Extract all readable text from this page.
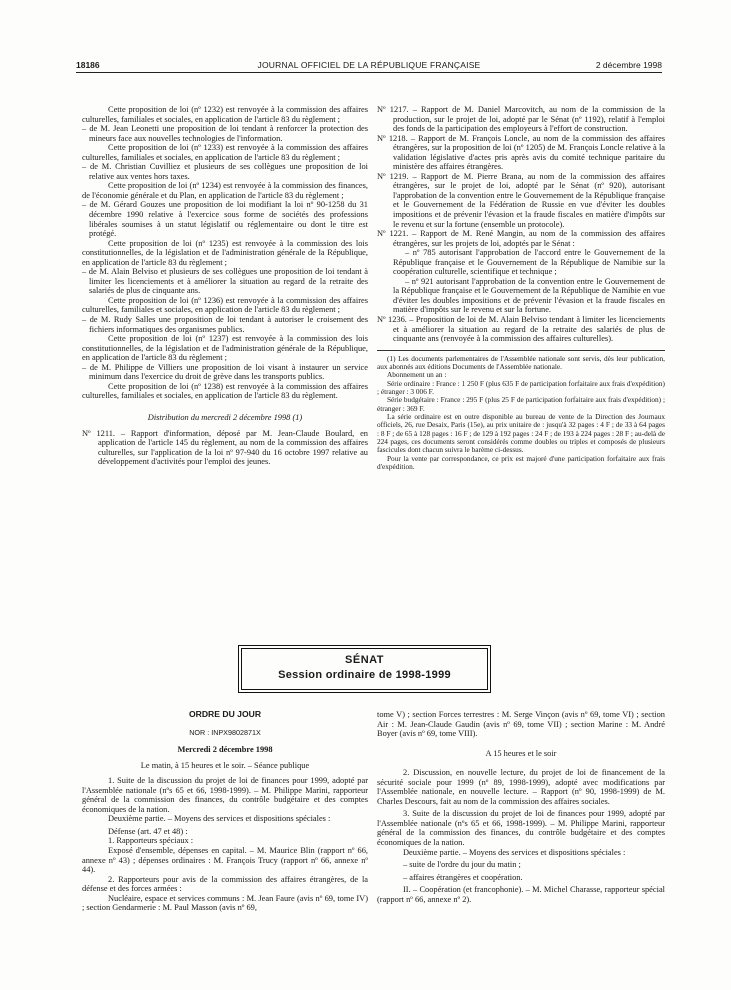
18186	JOURNAL OFFICIEL DE LA RÉPUBLIQUE FRANÇAISE	2 décembre 1998

Cette proposition de loi (nº 1232) est renvoyée à la commission des affaires culturelles, familiales et sociales, en application de l'article 83 du règlement ;

– de M. Jean Leonetti une proposition de loi tendant à renforcer la protection des mineurs face aux nouvelles technologies de l'information.

Cette proposition de loi (nº 1233) est renvoyée à la commission des affaires culturelles, familiales et sociales, en application de l'article 83 du règlement ;

– de M. Christian Cuvilliez et plusieurs de ses collègues une proposition de loi relative aux ventes hors taxes.

Cette proposition de loi (nº 1234) est renvoyée à la commission des finances, de l'économie générale et du Plan, en application de l'article 83 du règlement ;

– de M. Gérard Gouzes une proposition de loi modifiant la loi nº 90-1258 du 31 décembre 1990 relative à l'exercice sous forme de sociétés des professions libérales soumises à un statut législatif ou réglementaire ou dont le titre est protégé.

Cette proposition de loi (nº 1235) est renvoyée à la commission des lois constitutionnelles, de la législation et de l'administration générale de la République, en application de l'article 83 du règlement ;

– de M. Alain Belviso et plusieurs de ses collègues une proposition de loi tendant à limiter les licenciements et à améliorer la situation au regard de la retraite des salariés de plus de cinquante ans.

Cette proposition de loi (nº 1236) est renvoyée à la commission des affaires culturelles, familiales et sociales, en application de l'article 83 du règlement ;

– de M. Rudy Salles une proposition de loi tendant à autoriser le croisement des fichiers informatiques des organismes publics.

Cette proposition de loi (nº 1237) est renvoyée à la commission des lois constitutionnelles, de la législation et de l'administration générale de la République, en application de l'article 83 du règlement ;

– de M. Philippe de Villiers une proposition de loi visant à instaurer un service minimum dans l'exercice du droit de grève dans les transports publics.

Cette proposition de loi (nº 1238) est renvoyée à la commission des affaires culturelles, familiales et sociales, en application de l'article 83 du règlement.

Distribution du mercredi 2 décembre 1998 (1)

Nº 1211. – Rapport d'information, déposé par M. Jean-Claude Boulard, en application de l'article 145 du règlement, au nom de la commission des affaires culturelles, sur l'application de la loi nº 97-940 du 16 octobre 1997 relative au développement d'activités pour l'emploi des jeunes.

Nº 1217. – Rapport de M. Daniel Marcovitch, au nom de la commission de la production, sur le projet de loi, adopté par le Sénat (nº 1192), relatif à l'emploi des fonds de la participation des employeurs à l'effort de construction.

Nº 1218. – Rapport de M. François Loncle, au nom de la commission des affaires étrangères, sur la proposition de loi (nº 1205) de M. François Loncle relative à la validation législative d'actes pris après avis du comité technique paritaire du ministère des affaires étrangères.

Nº 1219. – Rapport de M. Pierre Brana, au nom de la commission des affaires étrangères, sur le projet de loi, adopté par le Sénat (nº 920), autorisant l'approbation de la convention entre le Gouvernement de la République française et le Gouvernement de la Fédération de Russie en vue d'éviter les doubles impositions et de prévenir l'évasion et la fraude fiscales en matière d'impôts sur le revenu et sur la fortune (ensemble un protocole).

Nº 1221. – Rapport de M. René Mangin, au nom de la commission des affaires étrangères, sur les projets de loi, adoptés par le Sénat :

– nº 785 autorisant l'approbation de l'accord entre le Gouvernement de la République française et le Gouvernement de la République de Namibie sur la coopération culturelle, scientifique et technique ;

– nº 921 autorisant l'approbation de la convention entre le Gouvernement de la République française et le Gouvernement de la République de Namibie en vue d'éviter les doubles impositions et de prévenir l'évasion et la fraude fiscales en matière d'impôts sur le revenu et sur la fortune.

Nº 1236. – Proposition de loi de M. Alain Belviso tendant à limiter les licenciements et à améliorer la situation au regard de la retraite des salariés de plus de cinquante ans (renvoyée à la commission des affaires culturelles).

(1) Les documents parlementaires de l'Assemblée nationale sont servis, dès leur publication, aux abonnés aux éditions Documents de l'Assemblée nationale.

Abonnement un an :

Série ordinaire : France : 1 250 F (plus 635 F de participation forfaitaire aux frais d'expédition) ; étranger : 3 006 F.

Série budgétaire : France : 295 F (plus 25 F de participation forfaitaire aux frais d'expédition) ; étranger : 369 F.

La série ordinaire est en outre disponible au bureau de vente de la Direction des Journaux officiels, 26, rue Desaix, Paris (15e), au prix unitaire de : jusqu'à 32 pages : 4 F ; de 33 à 64 pages : 8 F ; de 65 à 128 pages : 16 F ; de 129 à 192 pages : 24 F ; de 193 à 224 pages : 28 F ; au-delà de 224 pages, ces documents seront considérés comme doubles ou triples et composés de plusieurs fascicules dont chacun suivra le barème ci-dessus.

Pour la vente par correspondance, ce prix est majoré d'une participation forfaitaire aux frais d'expédition.

SÉNAT
Session ordinaire de 1998-1999
ORDRE DU JOUR
NOR : INPX9802871X
Mercredi 2 décembre 1998

Le matin, à 15 heures et le soir. – Séance publique

1. Suite de la discussion du projet de loi de finances pour 1999, adopté par l'Assemblée nationale (nºs 65 et 66, 1998-1999). – M. Philippe Marini, rapporteur général de la commission des finances, du contrôle budgétaire et des comptes économiques de la nation.

Deuxième partie. – Moyens des services et dispositions spéciales :

Défense (art. 47 et 48) :

1. Rapporteurs spéciaux :

Exposé d'ensemble, dépenses en capital. – M. Maurice Blin (rapport nº 66, annexe nº 43) ; dépenses ordinaires : M. François Trucy (rapport nº 66, annexe nº 44).

2. Rapporteurs pour avis de la commission des affaires étrangères, de la défense et des forces armées :

Nucléaire, espace et services communs : M. Jean Faure (avis nº 69, tome IV) ; section Gendarmerie : M. Paul Masson (avis nº 69,

tome V) ; section Forces terrestres : M. Serge Vinçon (avis nº 69, tome VI) ; section Air : M. Jean-Claude Gaudin (avis nº 69, tome VII) ; section Marine : M. André Boyer (avis nº 69, tome VIII).

A 15 heures et le soir

2. Discussion, en nouvelle lecture, du projet de loi de financement de la sécurité sociale pour 1999 (nº 89, 1998-1999), adopté avec modifications par l'Assemblée nationale, en nouvelle lecture. – Rapport (nº 90, 1998-1999) de M. Charles Descours, fait au nom de la commission des affaires sociales.

3. Suite de la discussion du projet de loi de finances pour 1999, adopté par l'Assemblée nationale (nºs 65 et 66, 1998-1999). – M. Philippe Marini, rapporteur général de la commission des finances, du contrôle budgétaire et des comptes économiques de la nation.

Deuxième partie. – Moyens des services et dispositions spéciales :

– suite de l'ordre du jour du matin ;

– affaires étrangères et coopération.

II. – Coopération (et francophonie). – M. Michel Charasse, rapporteur spécial (rapport nº 66, annexe nº 2).
